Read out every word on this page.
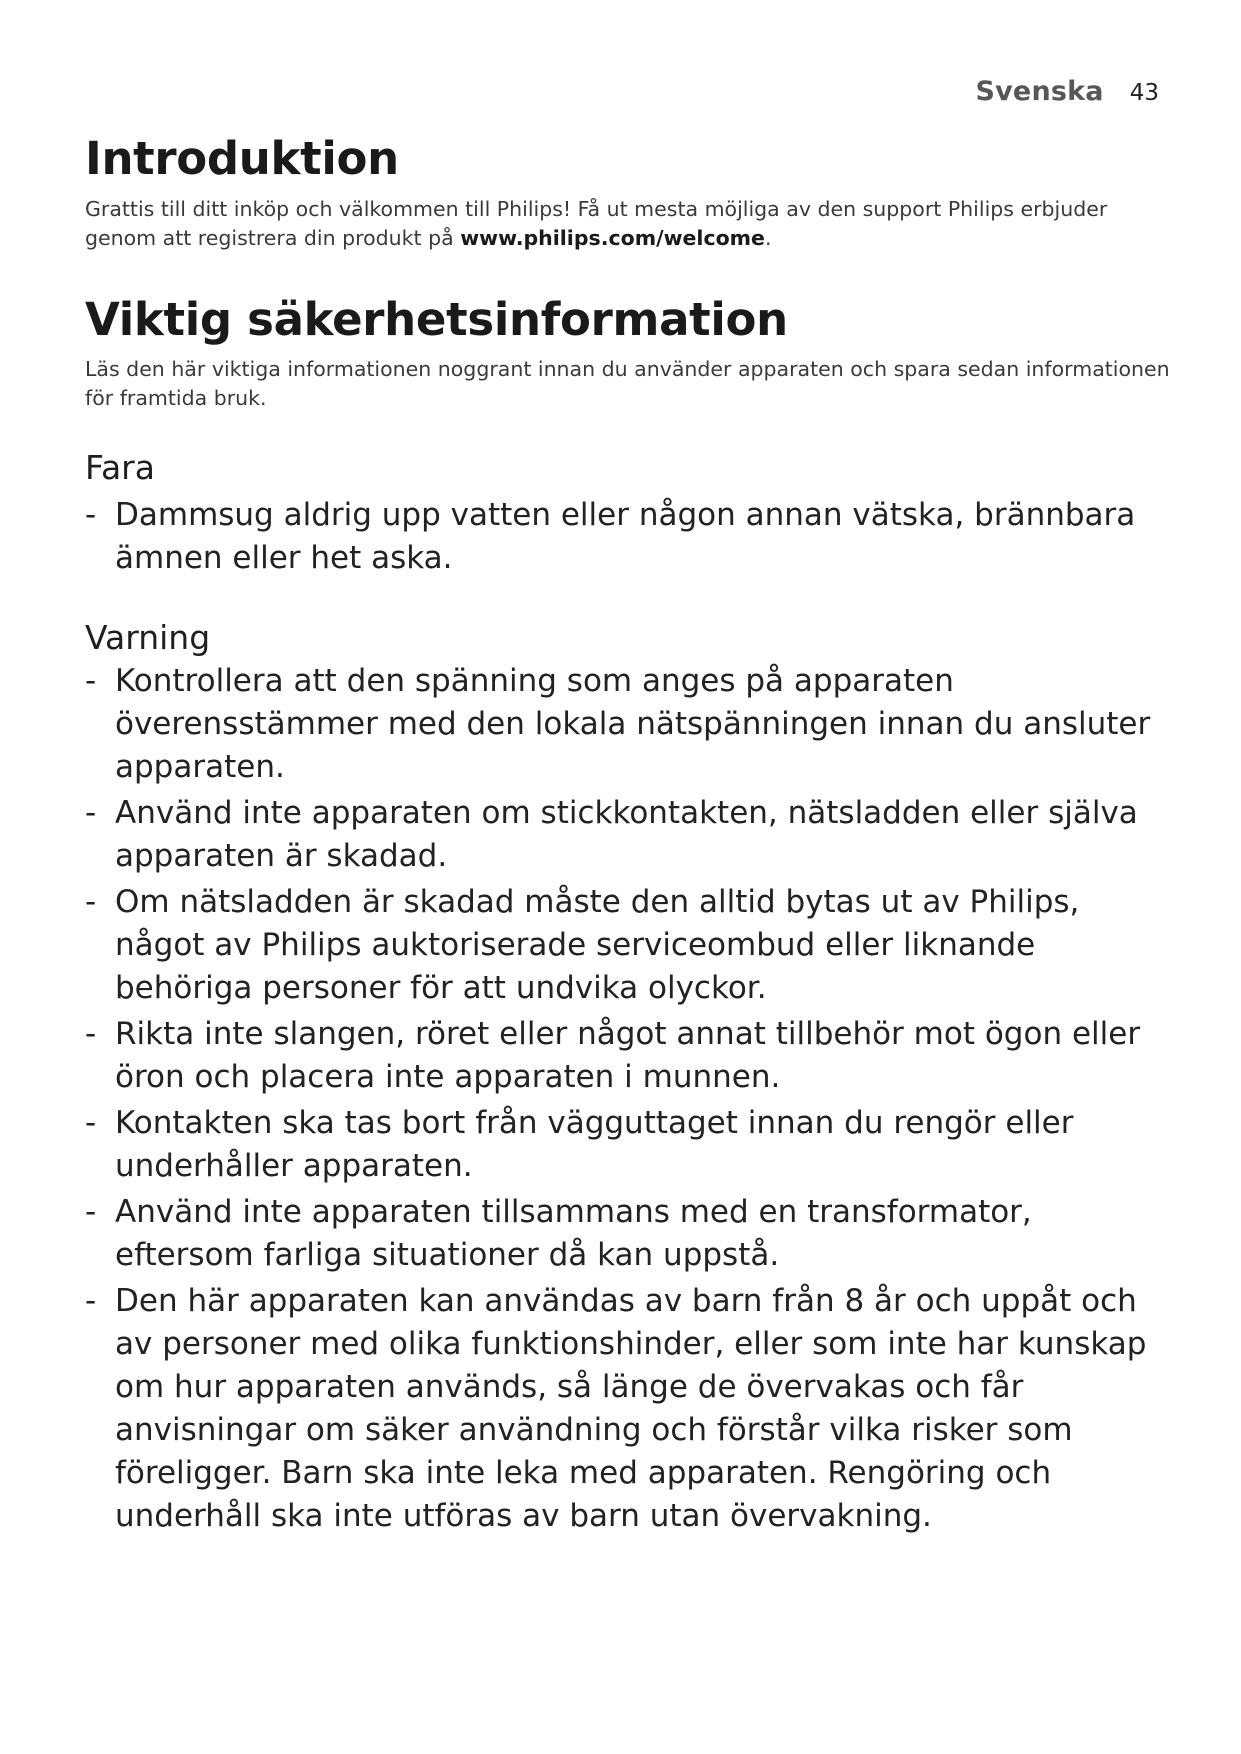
Svenska 43
Introduktion

Grattis till ditt inköp och välkommen till Philips! Få ut mesta möjliga av den support Philips erbjuder genom att registrera din produkt på www.philips.com/welcome.

Viktig säkerhetsinformation

Läs den här viktiga informationen noggrant innan du använder apparaten och spara sedan informationen för framtida bruk.

Fara
- Dammsug aldrig upp vatten eller någon annan vätska, brännbara ämnen eller het aska.
Varning
- Kontrollera att den spänning som anges på apparaten överensstämmer med den lokala nätspänningen innan du ansluter apparaten.
- Använd inte apparaten om stickkontakten, nätsladden eller själva apparaten är skadad.
- Om nätsladden är skadad måste den alltid bytas ut av Philips, något av Philips auktoriserade serviceombud eller liknande behöriga personer för att undvika olyckor.
- Rikta inte slangen, röret eller något annat tillbehör mot ögon eller öron och placera inte apparaten i munnen.
- Kontakten ska tas bort från vägguttaget innan du rengör eller underhåller apparaten.
- Använd inte apparaten tillsammans med en transformator, eftersom farliga situationer då kan uppstå.
- Den här apparaten kan användas av barn från 8 år och uppåt och av personer med olika funktionshinder, eller som inte har kunskap om hur apparaten används, så länge de övervakas och får anvisningar om säker användning och förstår vilka risker som föreligger. Barn ska inte leka med apparaten. Rengöring och underhåll ska inte utföras av barn utan övervakning.
